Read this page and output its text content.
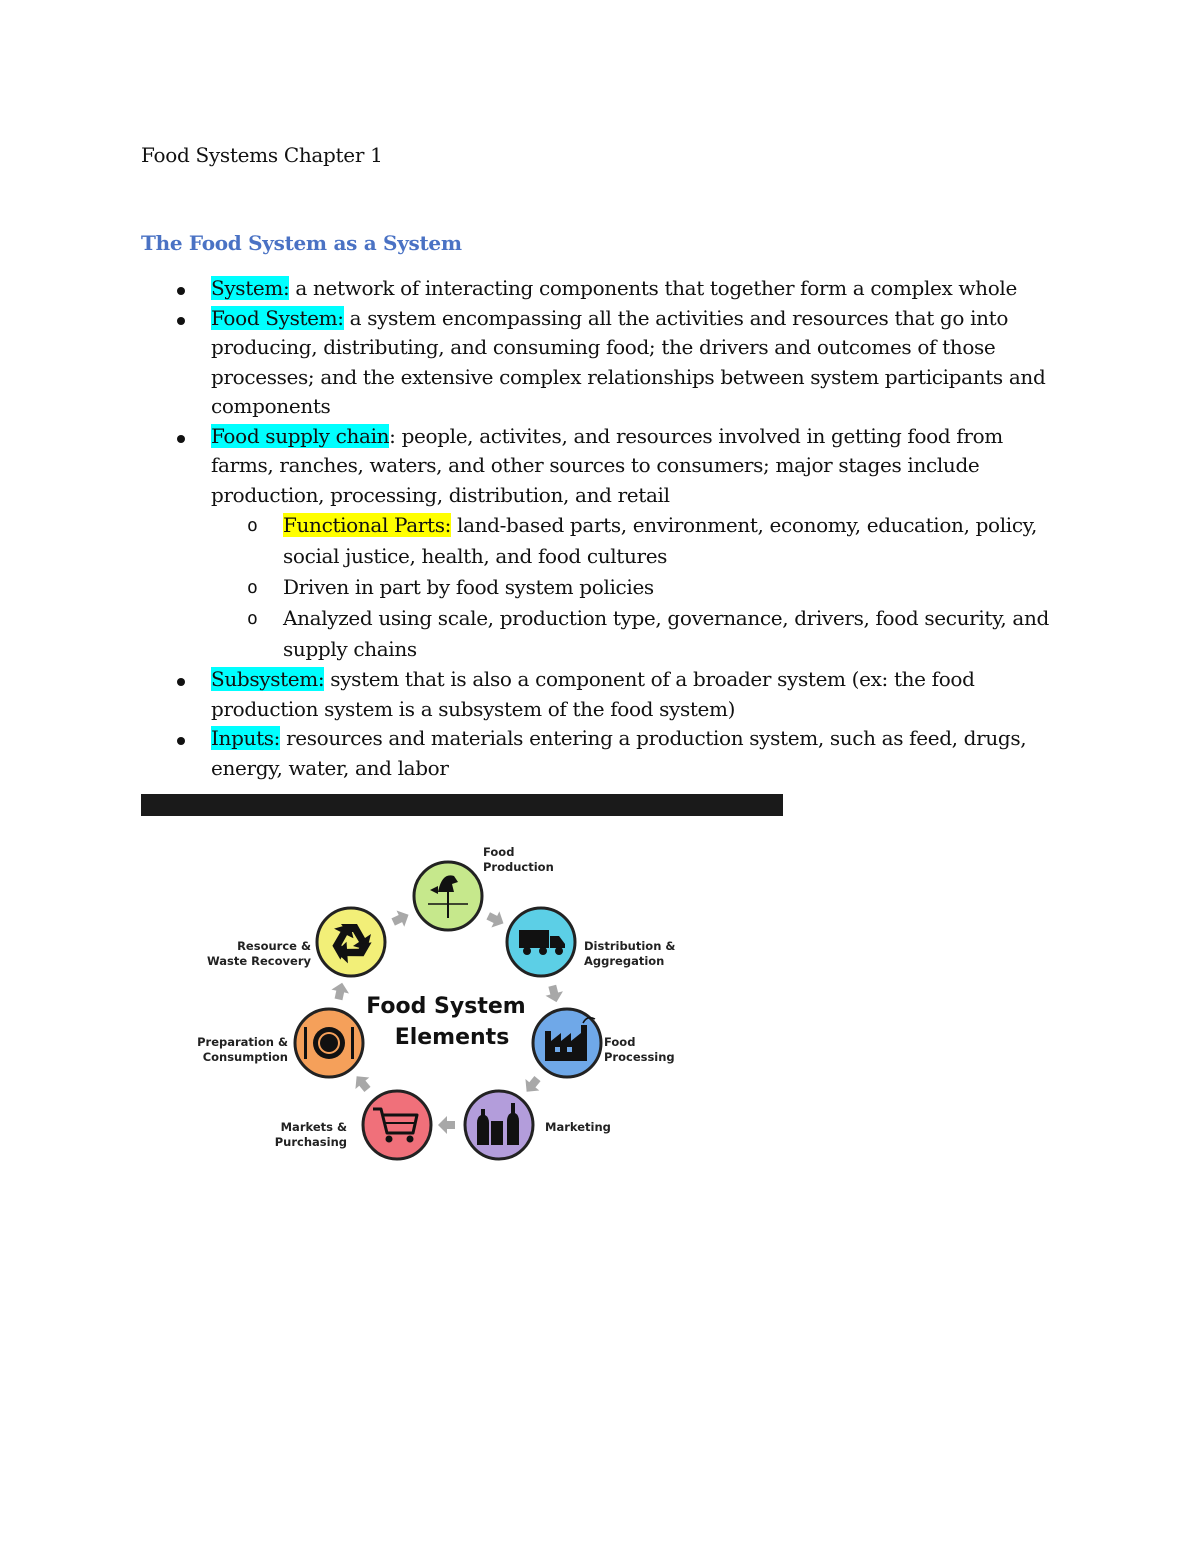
Food Systems Chapter 1
The Food System as a System
System: a network of interacting components that together form a complex whole
Food System: a system encompassing all the activities and resources that go into producing, distributing, and consuming food; the drivers and outcomes of those processes; and the extensive complex relationships between system participants and components
Food supply chain: people, activites, and resources involved in getting food from farms, ranches, waters, and other sources to consumers; major stages include production, processing, distribution, and retail
o Functional Parts: land-based parts, environment, economy, education, policy, social justice, health, and food cultures
o Driven in part by food system policies
o Analyzed using scale, production type, governance, drivers, food security, and supply chains
Subsystem: system that is also a component of a broader system (ex: the food production system is a subsystem of the food system)
Inputs: resources and materials entering a production system, such as feed, drugs, energy, water, and labor
Food System
Elements
Food
Production
Distribution &
Aggregation
Food
Processing
Marketing
Markets &
Purchasing
Preparation &
Consumption
Resource &
Waste Recovery
